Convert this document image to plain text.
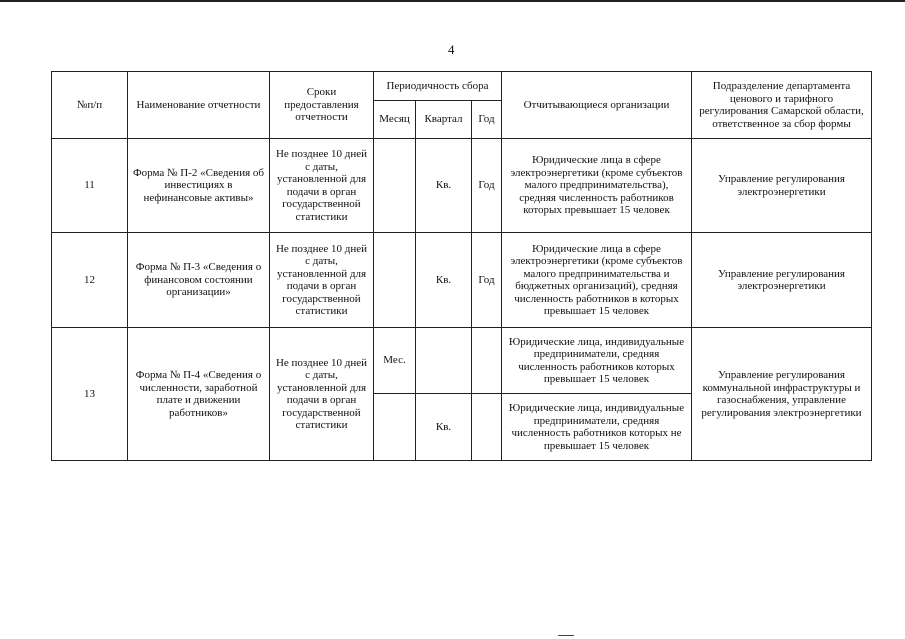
4
№п/п	Наименование отчетности	Сроки предоставления отчетности	Периодичность сбора			Отчитывающиеся организации	Подразделение департамента ценового и тарифного регулирования Самарской области, ответственное за сбор формы
			Месяц	Квартал	Год		
11	Форма № П-2 «Сведения об инвестициях в нефинансовые активы»	Не позднее 10 дней с даты, установленной для подачи в орган государственной статистики		Кв.	Год	Юридические лица в сфере электроэнергетики (кроме субъектов малого предпринимательства), средняя численность работников которых превышает 15 человек	Управление регулирования электроэнергетики
12	Форма № П-3 «Сведения о финансовом состоянии организации»	Не позднее 10 дней с даты, установленной для подачи в орган государственной статистики		Кв.	Год	Юридические лица в сфере электроэнергетики (кроме субъектов малого предпринимательства и бюджетных организаций), средняя численность работников в которых превышает 15 человек	Управление регулирования электроэнергетики
13	Форма № П-4 «Сведения о численности, заработной плате и движении работников»	Не позднее 10 дней с даты, установленной для подачи в орган государственной статистики	Мес.			Юридические лица, индивидуальные предприниматели, средняя численность работников которых превышает 15 человек	Управление регулирования коммунальной инфраструктуры и газоснабжения, управление регулирования электроэнергетики
				Кв.		Юридические лица, индивидуальные предприниматели, средняя численность работников которых не превышает 15 человек	
